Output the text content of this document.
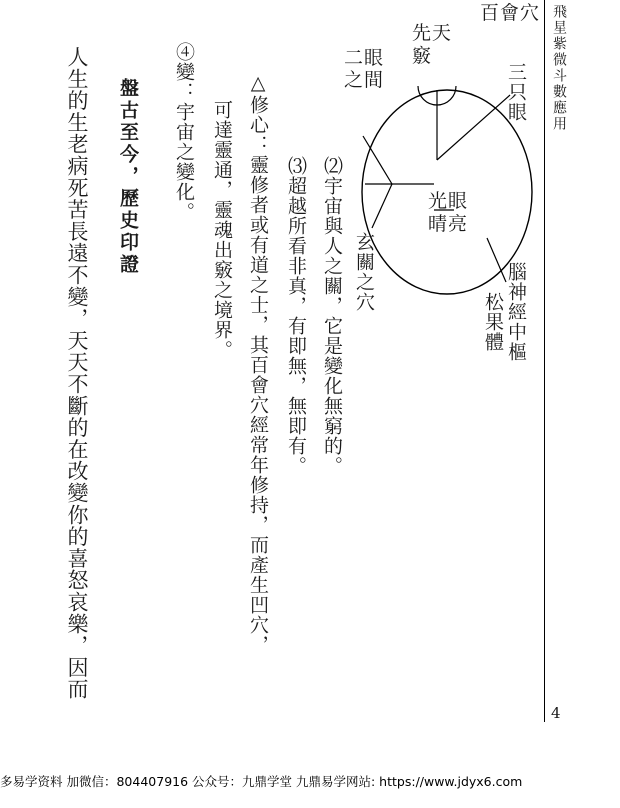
飛星紫微斗數應用
4
百會穴
先天竅
三只眼
二眼之間
光眼晴亮
玄關之穴	腦神經中樞
松果體
⑵宇宙與人之關，它是變化無窮的。
⑶超越所看非真，有即無，無即有。
△修心：靈修者或有道之士，其百會穴經常年修持，而產生凹穴，
可達靈通，靈魂出竅之境界。
④變：宇宙之變化。
盤古至今，歷史印證
人生的生老病死苦長遠不變，天天不斷的在改變你的喜怒哀樂，因而
多易学资料 加微信：804407916 公众号：九鼎学堂 九鼎易学网站: https://www.jdyx6.com
